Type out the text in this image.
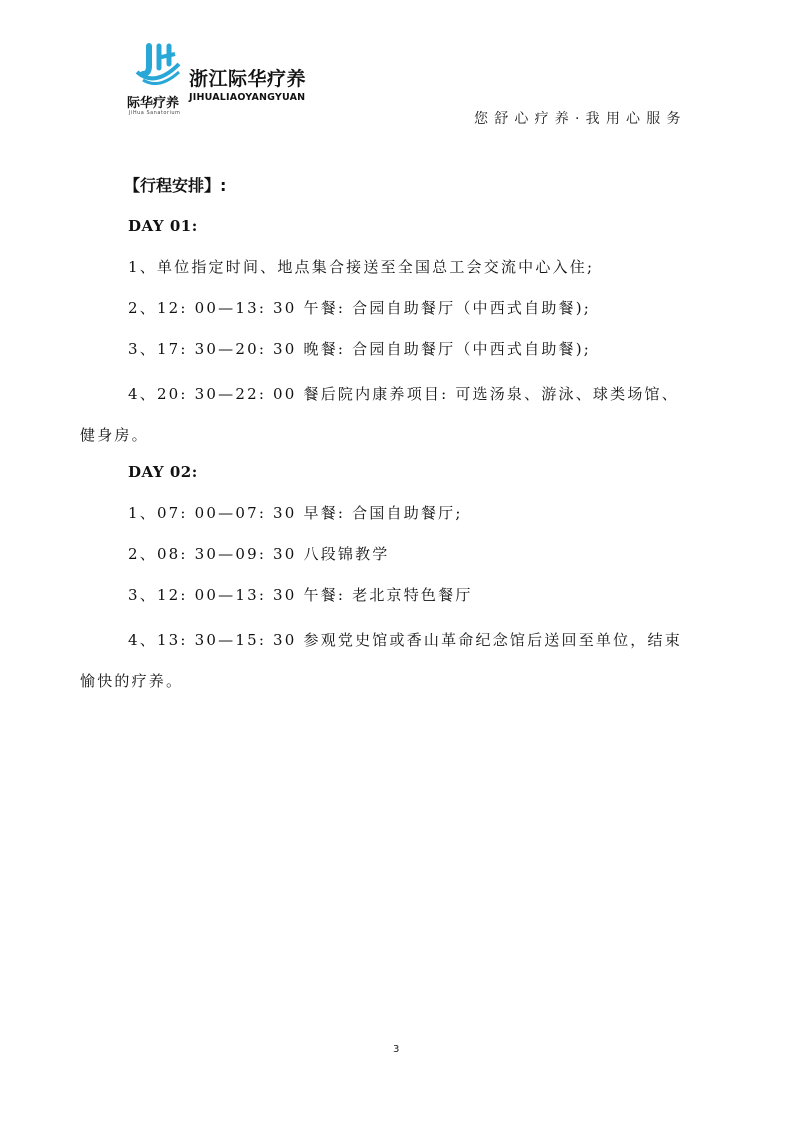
际华疗养
JiHua Sanatorium
浙江际华疗养
JIHUALIAOYANGYUAN
您舒心疗养·我用心服务
【行程安排】:
DAY 01:
1、单位指定时间、地点集合接送至全国总工会交流中心入住;
2、12: 00—13: 30 午餐: 合园自助餐厅（中西式自助餐);
3、17: 30—20: 30 晚餐: 合园自助餐厅（中西式自助餐);
4、20: 30—22: 00 餐后院内康养项目: 可选汤泉、游泳、球类场馆、健身房。
DAY 02:
1、07: 00—07: 30 早餐: 合国自助餐厅;
2、08: 30—09: 30 八段锦教学
3、12: 00—13: 30 午餐: 老北京特色餐厅
4、13: 30—15: 30 参观党史馆或香山革命纪念馆后送回至单位，结束愉快的疗养。
3
